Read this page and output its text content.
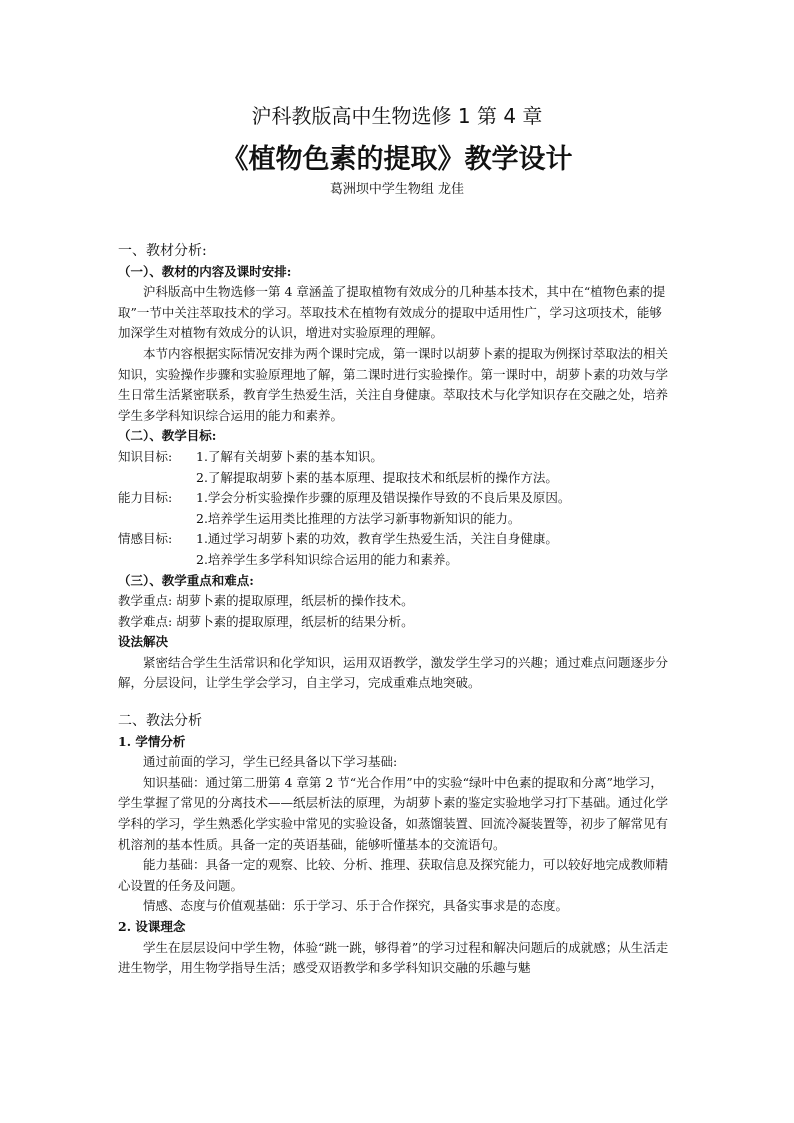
沪科教版高中生物选修 1 第 4 章
《植物色素的提取》教学设计
葛洲坝中学生物组 龙佳

一、教材分析:

（一）、教材的内容及课时安排:

沪科版高中生物选修一第 4 章涵盖了提取植物有效成分的几种基本技术，其中在“植物色素的提取”一节中关注萃取技术的学习。萃取技术在植物有效成分的提取中适用性广，学习这项技术，能够加深学生对植物有效成分的认识，增进对实验原理的理解。

本节内容根据实际情况安排为两个课时完成，第一课时以胡萝卜素的提取为例探讨萃取法的相关知识，实验操作步骤和实验原理地了解，第二课时进行实验操作。第一课时中，胡萝卜素的功效与学生日常生活紧密联系，教育学生热爱生活，关注自身健康。萃取技术与化学知识存在交融之处，培养学生多学科知识综合运用的能力和素养。

（二）、教学目标:

知识目标:	1.了解有关胡萝卜素的基本知识。

2.了解提取胡萝卜素的基本原理、提取技术和纸层析的操作方法。

能力目标:	1.学会分析实验操作步骤的原理及错误操作导致的不良后果及原因。

2.培养学生运用类比推理的方法学习新事物新知识的能力。

情感目标:	1.通过学习胡萝卜素的功效，教育学生热爱生活，关注自身健康。

2.培养学生多学科知识综合运用的能力和素养。

（三）、教学重点和难点:

教学重点: 胡萝卜素的提取原理，纸层析的操作技术。

教学难点: 胡萝卜素的提取原理，纸层析的结果分析。

设法解决

紧密结合学生生活常识和化学知识，运用双语教学，激发学生学习的兴趣；通过难点问题逐步分解，分层设问，让学生学会学习，自主学习，完成重难点地突破。

二、教法分析

1. 学情分析

通过前面的学习，学生已经具备以下学习基础:

知识基础：通过第二册第 4 章第 2 节“光合作用”中的实验“绿叶中色素的提取和分离”地学习，学生掌握了常见的分离技术——纸层析法的原理，为胡萝卜素的鉴定实验地学习打下基础。通过化学学科的学习，学生熟悉化学实验中常见的实验设备，如蒸馏装置、回流冷凝装置等，初步了解常见有机溶剂的基本性质。具备一定的英语基础，能够听懂基本的交流语句。

能力基础：具备一定的观察、比较、分析、推理、获取信息及探究能力，可以较好地完成教师精心设置的任务及问题。

情感、态度与价值观基础：乐于学习、乐于合作探究，具备实事求是的态度。

2. 设课理念

学生在层层设问中学生物，体验“跳一跳，够得着”的学习过程和解决问题后的成就感；从生活走进生物学，用生物学指导生活；感受双语教学和多学科知识交融的乐趣与魅
